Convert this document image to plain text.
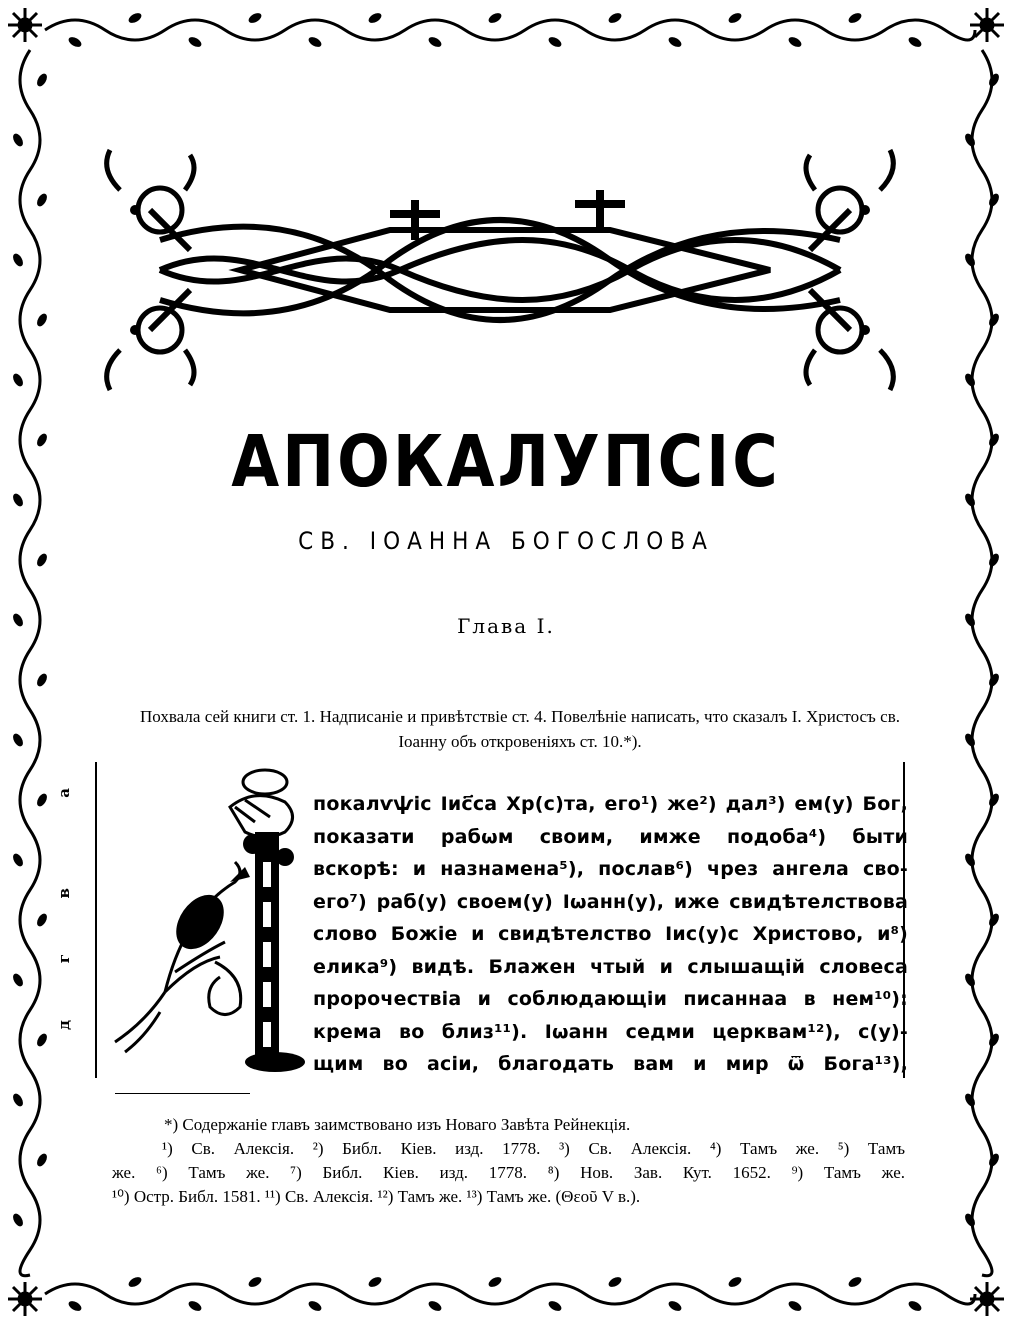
АПОКАЛУПСІС
СВ. ІОАННА БОГОСЛОВА
Глава І.
Похвала сей книги ст. 1. Надписаніе и привѣтствіе ст. 4. Повелѣніе написать, что сказалъ І. Христосъ св. Іоанну объ откровеніяхъ ст. 10.*).
а
в
г
д
покалѵѱіс Іис҃са Хр(с)та, его¹) же²) дал³) ем(у) Бог,
показати рабωм своим, имже подоба⁴) быти
вскорѣ: и назнамена⁵), послав⁶) чрез ангела сво-
его⁷) раб(у) своем(у) Іωанн(у), иже свидѣтелствова
слово Божіе и свидѣтелство Іис(у)с Христово, и⁸)
елика⁹) видѣ. Блажен чтый и слышащій словеса
пророчествіа и соблюдающіи писаннаа в нем¹⁰):
крема во близ¹¹). Іωанн седми церквам¹²), с(у)-
щим во асіи, благодать вам и мир ѿ Бога¹³),
*) Содержаніе главъ заимствовано изъ Новаго Завѣта Рейнекція.
¹) Св. Алексія. ²) Библ. Кіев. изд. 1778. ³) Св. Алексія. ⁴) Тамъ же. ⁵) Тамъ
же. ⁶) Тамъ же. ⁷) Библ. Кіев. изд. 1778. ⁸) Нов. Зав. Кут. 1652. ⁹) Тамъ же.
¹⁰) Остр. Библ. 1581. ¹¹) Св. Алексія. ¹²) Тамъ же. ¹³) Тамъ же. (Θεοῦ V в.).
